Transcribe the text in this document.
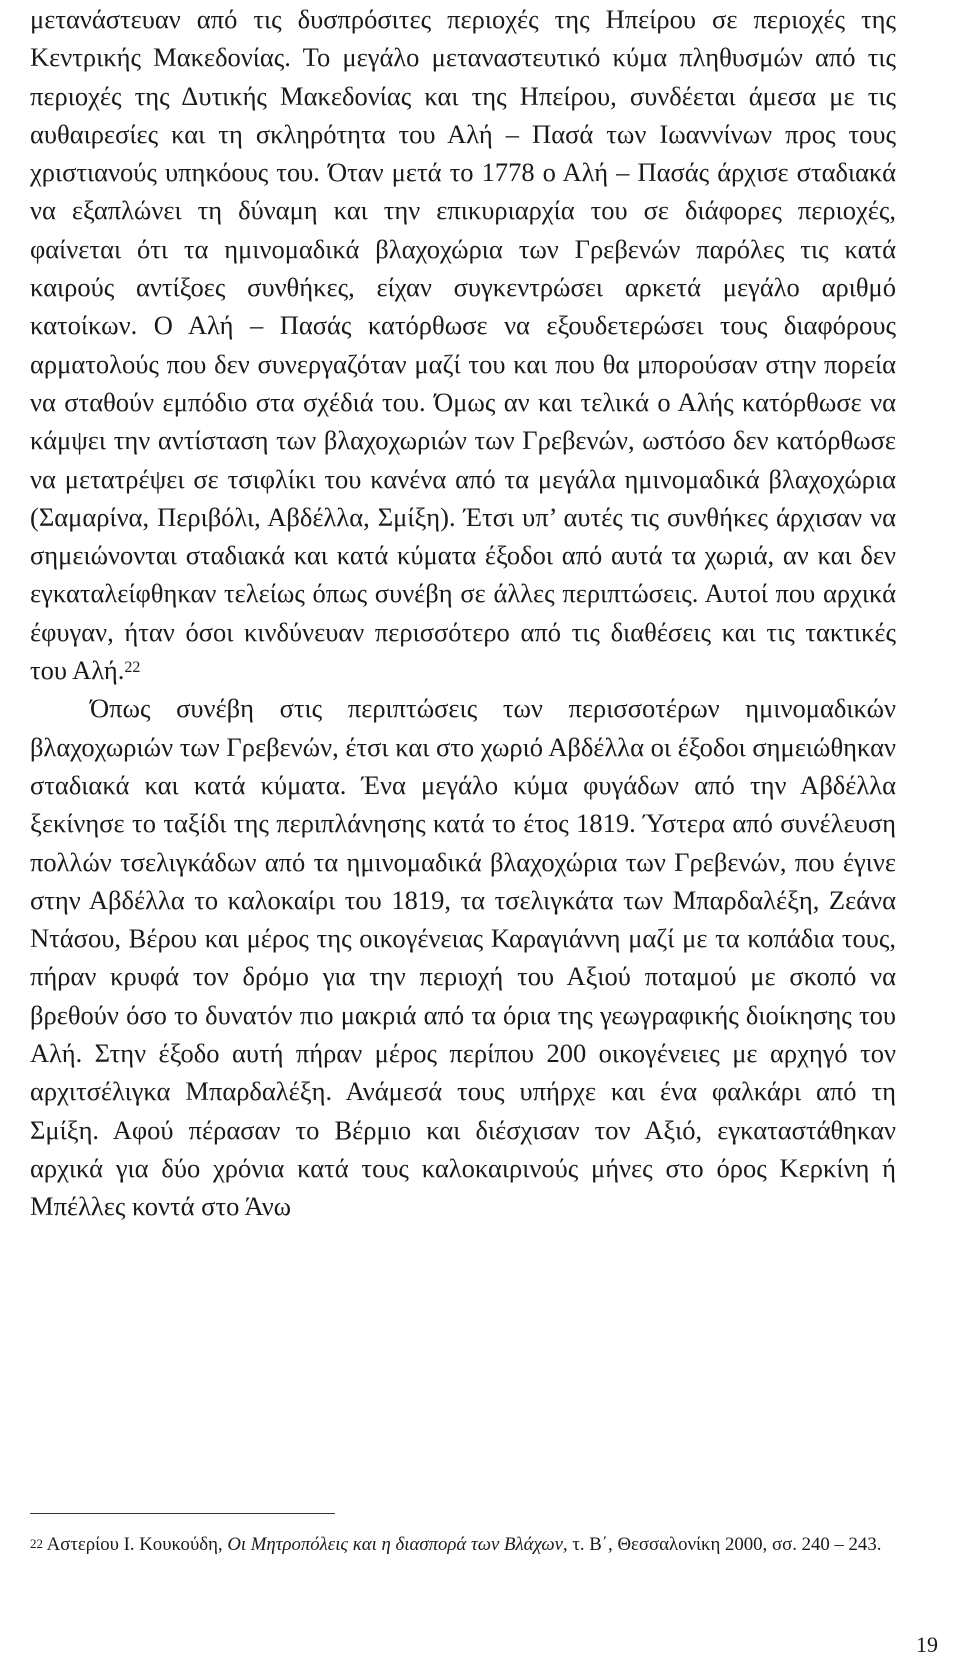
μετανάστευαν από τις δυσπρόσιτες περιοχές της Ηπείρου σε περιοχές της Κεντρικής Μακεδονίας. Το μεγάλο μεταναστευτικό κύμα πληθυσμών από τις περιοχές της Δυτικής Μακεδονίας και της Ηπείρου, συνδέεται άμεσα με τις αυθαιρεσίες και τη σκληρότητα του Αλή – Πασά των Ιωαννίνων προς τους χριστιανούς υπηκόους του. Όταν μετά το 1778 ο Αλή – Πασάς άρχισε σταδιακά να εξαπλώνει τη δύναμη και την επικυριαρχία του σε διάφορες περιοχές, φαίνεται ότι τα ημινομαδικά βλαχοχώρια των Γρεβενών παρόλες τις κατά καιρούς αντίξοες συνθήκες, είχαν συγκεντρώσει αρκετά μεγάλο αριθμό κατοίκων. Ο Αλή – Πασάς κατόρθωσε να εξουδετερώσει τους διαφόρους αρματολούς που δεν συνεργαζόταν μαζί του και που θα μπορούσαν στην πορεία να σταθούν εμπόδιο στα σχέδιά του. Όμως αν και τελικά ο Αλής κατόρθωσε να κάμψει την αντίσταση των βλαχοχωριών των Γρεβενών, ωστόσο δεν κατόρθωσε να μετατρέψει σε τσιφλίκι του κανένα από τα μεγάλα ημινομαδικά βλαχοχώρια (Σαμαρίνα, Περιβόλι, Αβδέλλα, Σμίξη). Έτσι υπ’ αυτές τις συνθήκες άρχισαν να σημειώνονται σταδιακά και κατά κύματα έξοδοι από αυτά τα χωριά, αν και δεν εγκαταλείφθηκαν τελείως όπως συνέβη σε άλλες περιπτώσεις. Αυτοί που αρχικά έφυγαν, ήταν όσοι κινδύνευαν περισσότερο από τις διαθέσεις και τις τακτικές του Αλή.$^{22}$

Όπως συνέβη στις περιπτώσεις των περισσοτέρων ημινομαδικών βλαχοχωριών των Γρεβενών, έτσι και στο χωριό Αβδέλλα οι έξοδοι σημειώθηκαν σταδιακά και κατά κύματα. Ένα μεγάλο κύμα φυγάδων από την Αβδέλλα ξεκίνησε το ταξίδι της περιπλάνησης κατά το έτος 1819. Ύστερα από συνέλευση πολλών τσελιγκάδων από τα ημινομαδικά βλαχοχώρια των Γρεβενών, που έγινε στην Αβδέλλα το καλοκαίρι του 1819, τα τσελιγκάτα των Μπαρδαλέξη, Ζεάνα Ντάσου, Βέρου και μέρος της οικογένειας Καραγιάννη μαζί με τα κοπάδια τους, πήραν κρυφά τον δρόμο για την περιοχή του Αξιού ποταμού με σκοπό να βρεθούν όσο το δυνατόν πιο μακριά από τα όρια της γεωγραφικής διοίκησης του Αλή. Στην έξοδο αυτή πήραν μέρος περίπου 200 οικογένειες με αρχηγό τον αρχιτσέλιγκα Μπαρδαλέξη. Ανάμεσά τους υπήρχε και ένα φαλκάρι από τη Σμίξη. Αφού πέρασαν το Βέρμιο και διέσχισαν τον Αξιό, εγκαταστάθηκαν αρχικά για δύο χρόνια κατά τους καλοκαιρινούς μήνες στο όρος Κερκίνη ή Μπέλλες κοντά στο Άνω

$^{22}$ Αστερίου Ι. Κουκούδη, Οι Μητροπόλεις και η διασπορά των Βλάχων, τ. Β΄, Θεσσαλονίκη 2000, σσ. 240 – 243.

19
